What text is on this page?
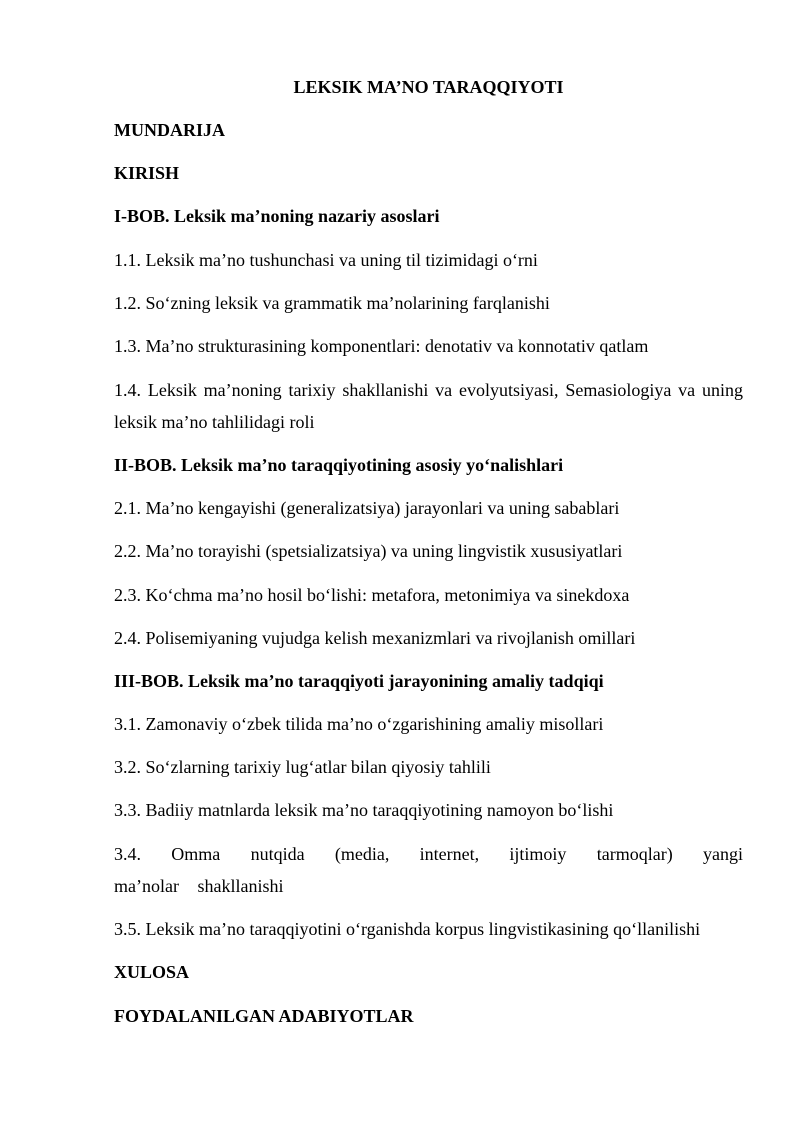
LEKSIK MA’NO TARAQQIYOTI

MUNDARIJA

KIRISH

I-BOB. Leksik ma’noning nazariy asoslari

1.1. Leksik ma’no tushunchasi va uning til tizimidagi o‘rni

1.2. So‘zning leksik va grammatik ma’nolarining farqlanishi

1.3. Ma’no strukturasining komponentlari: denotativ va konnotativ qatlam

1.4. Leksik ma’noning tarixiy shakllanishi va evolyutsiyasi, Semasiologiya va uning leksik ma’no tahlilidagi roli

II-BOB. Leksik ma’no taraqqiyotining asosiy yo‘nalishlari

2.1. Ma’no kengayishi (generalizatsiya) jarayonlari va uning sabablari

2.2. Ma’no torayishi (spetsializatsiya) va uning lingvistik xususiyatlari

2.3. Ko‘chma ma’no hosil bo‘lishi: metafora, metonimiya va sinekdoxa

2.4. Polisemiyaning vujudga kelish mexanizmlari va rivojlanish omillari

III-BOB. Leksik ma’no taraqqiyoti jarayonining amaliy tadqiqi

3.1. Zamonaviy o‘zbek tilida ma’no o‘zgarishining amaliy misollari

3.2. So‘zlarning tarixiy lug‘atlar bilan qiyosiy tahlili

3.3. Badiiy matnlarda leksik ma’no taraqqiyotining namoyon bo‘lishi

3.4. Omma nutqida (media, internet, ijtimoiy tarmoqlar) yangi ma’nolar shakllanishi

3.5. Leksik ma’no taraqqiyotini o‘rganishda korpus lingvistikasining qo‘llanilishi

XULOSA

FOYDALANILGAN ADABIYOTLAR
